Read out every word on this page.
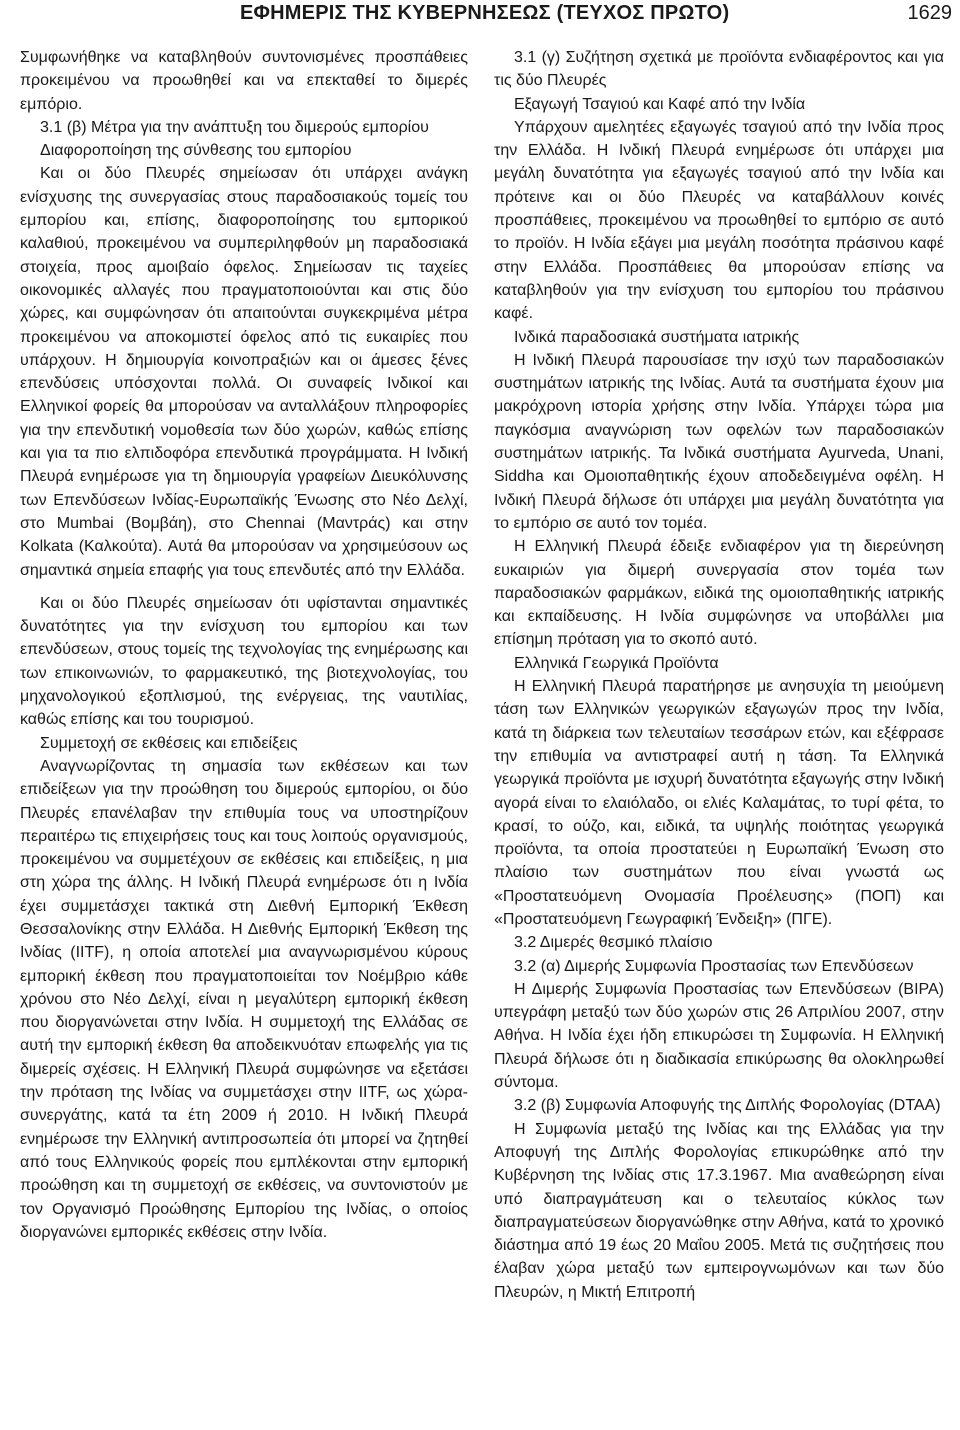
ΕΦΗΜΕΡΙΣ ΤΗΣ ΚΥΒΕΡΝΗΣΕΩΣ (ΤΕΥΧΟΣ ΠΡΩΤΟ)	1629

Συμφωνήθηκε να καταβληθούν συντονισμένες προσπάθειες προκειμένου να προωθηθεί και να επεκταθεί το διμερές εμπόριο.

3.1 (β) Μέτρα για την ανάπτυξη του διμερούς εμπορίου

Διαφοροποίηση της σύνθεσης του εμπορίου

Και οι δύο Πλευρές σημείωσαν ότι υπάρχει ανάγκη ενίσχυσης της συνεργασίας στους παραδοσιακούς τομείς του εμπορίου και, επίσης, διαφοροποίησης του εμπορικού καλαθιού, προκειμένου να συμπεριληφθούν μη παραδοσιακά στοιχεία, προς αμοιβαίο όφελος. Σημείωσαν τις ταχείες οικονομικές αλλαγές που πραγματοποιούνται και στις δύο χώρες, και συμφώνησαν ότι απαιτούνται συγκεκριμένα μέτρα προκειμένου να αποκομιστεί όφελος από τις ευκαιρίες που υπάρχουν. Η δημιουργία κοινοπραξιών και οι άμεσες ξένες επενδύσεις υπόσχονται πολλά. Οι συναφείς Ινδικοί και Ελληνικοί φορείς θα μπορούσαν να ανταλλάξουν πληροφορίες για την επενδυτική νομοθεσία των δύο χωρών, καθώς επίσης και για τα πιο ελπιδοφόρα επενδυτικά προγράμματα. Η Ινδική Πλευρά ενημέρωσε για τη δημιουργία γραφείων Διευκόλυνσης των Επενδύσεων Ινδίας-Ευρωπαϊκής Ένωσης στο Νέο Δελχί, στο Mumbai (Βομβάη), στο Chennai (Μαντράς) και στην Kolkata (Καλκούτα). Αυτά θα μπορούσαν να χρησιμεύσουν ως σημαντικά σημεία επαφής για τους επενδυτές από την Ελλάδα.

Και οι δύο Πλευρές σημείωσαν ότι υφίστανται σημαντικές δυνατότητες για την ενίσχυση του εμπορίου και των επενδύσεων, στους τομείς της τεχνολογίας της ενημέρωσης και των επικοινωνιών, το φαρμακευτικό, της βιοτεχνολογίας, του μηχανολογικού εξοπλισμού, της ενέργειας, της ναυτιλίας, καθώς επίσης και του τουρισμού.

Συμμετοχή σε εκθέσεις και επιδείξεις

Αναγνωρίζοντας τη σημασία των εκθέσεων και των επιδείξεων για την προώθηση του διμερούς εμπορίου, οι δύο Πλευρές επανέλαβαν την επιθυμία τους να υποστηρίζουν περαιτέρω τις επιχειρήσεις τους και τους λοιπούς οργανισμούς, προκειμένου να συμμετέχουν σε εκθέσεις και επιδείξεις, η μια στη χώρα της άλλης. Η Ινδική Πλευρά ενημέρωσε ότι η Ινδία έχει συμμετάσχει τακτικά στη Διεθνή Εμπορική Έκθεση Θεσσαλονίκης στην Ελλάδα. Η Διεθνής Εμπορική Έκθεση της Ινδίας (IITF), η οποία αποτελεί μια αναγνωρισμένου κύρους εμπορική έκθεση που πραγματοποιείται τον Νοέμβριο κάθε χρόνου στο Νέο Δελχί, είναι η μεγαλύτερη εμπορική έκθεση που διοργανώνεται στην Ινδία. Η συμμετοχή της Ελλάδας σε αυτή την εμπορική έκθεση θα αποδεικνυόταν επωφελής για τις διμερείς σχέσεις. Η Ελληνική Πλευρά συμφώνησε να εξετάσει την πρόταση της Ινδίας να συμμετάσχει στην IITF, ως χώρα-συνεργάτης, κατά τα έτη 2009 ή 2010. Η Ινδική Πλευρά ενημέρωσε την Ελληνική αντιπροσωπεία ότι μπορεί να ζητηθεί από τους Ελληνικούς φορείς που εμπλέκονται στην εμπορική προώθηση και τη συμμετοχή σε εκθέσεις, να συντονιστούν με τον Οργανισμό Προώθησης Εμπορίου της Ινδίας, ο οποίος διοργανώνει εμπορικές εκθέσεις στην Ινδία.

3.1 (γ) Συζήτηση σχετικά με προϊόντα ενδιαφέροντος και για τις δύο Πλευρές

Εξαγωγή Τσαγιού και Καφέ από την Ινδία

Υπάρχουν αμελητέες εξαγωγές τσαγιού από την Ινδία προς την Ελλάδα. Η Ινδική Πλευρά ενημέρωσε ότι υπάρχει μια μεγάλη δυνατότητα για εξαγωγές τσαγιού από την Ινδία και πρότεινε και οι δύο Πλευρές να καταβάλλουν κοινές προσπάθειες, προκειμένου να προωθηθεί το εμπόριο σε αυτό το προϊόν. Η Ινδία εξάγει μια μεγάλη ποσότητα πράσινου καφέ στην Ελλάδα. Προσπάθειες θα μπορούσαν επίσης να καταβληθούν για την ενίσχυση του εμπορίου του πράσινου καφέ.

Ινδικά παραδοσιακά συστήματα ιατρικής

Η Ινδική Πλευρά παρουσίασε την ισχύ των παραδοσιακών συστημάτων ιατρικής της Ινδίας. Αυτά τα συστήματα έχουν μια μακρόχρονη ιστορία χρήσης στην Ινδία. Υπάρχει τώρα μια παγκόσμια αναγνώριση των οφελών των παραδοσιακών συστημάτων ιατρικής. Τα Ινδικά συστήματα Ayurveda, Unani, Siddha και Ομοιοπαθητικής έχουν αποδεδειγμένα οφέλη. Η Ινδική Πλευρά δήλωσε ότι υπάρχει μια μεγάλη δυνατότητα για το εμπόριο σε αυτό τον τομέα.

Η Ελληνική Πλευρά έδειξε ενδιαφέρον για τη διερεύνηση ευκαιριών για διμερή συνεργασία στον τομέα των παραδοσιακών φαρμάκων, ειδικά της ομοιοπαθητικής ιατρικής και εκπαίδευσης. Η Ινδία συμφώνησε να υποβάλλει μια επίσημη πρόταση για το σκοπό αυτό.

Ελληνικά Γεωργικά Προϊόντα

Η Ελληνική Πλευρά παρατήρησε με ανησυχία τη μειούμενη τάση των Ελληνικών γεωργικών εξαγωγών προς την Ινδία, κατά τη διάρκεια των τελευταίων τεσσάρων ετών, και εξέφρασε την επιθυμία να αντιστραφεί αυτή η τάση. Τα Ελληνικά γεωργικά προϊόντα με ισχυρή δυνατότητα εξαγωγής στην Ινδική αγορά είναι το ελαιόλαδο, οι ελιές Καλαμάτας, το τυρί φέτα, το κρασί, το ούζο, και, ειδικά, τα υψηλής ποιότητας γεωργικά προϊόντα, τα οποία προστατεύει η Ευρωπαϊκή Ένωση στο πλαίσιο των συστημάτων που είναι γνωστά ως «Προστατευόμενη Ονομασία Προέλευσης» (ΠΟΠ) και «Προστατευόμενη Γεωγραφική Ένδειξη» (ΠΓΕ).

3.2 Διμερές θεσμικό πλαίσιο

3.2 (α) Διμερής Συμφωνία Προστασίας των Επενδύσεων

Η Διμερής Συμφωνία Προστασίας των Επενδύσεων (BIPA) υπεγράφη μεταξύ των δύο χωρών στις 26 Απριλίου 2007, στην Αθήνα. Η Ινδία έχει ήδη επικυρώσει τη Συμφωνία. Η Ελληνική Πλευρά δήλωσε ότι η διαδικασία επικύρωσης θα ολοκληρωθεί σύντομα.

3.2 (β) Συμφωνία Αποφυγής της Διπλής Φορολογίας (DTAA)

Η Συμφωνία μεταξύ της Ινδίας και της Ελλάδας για την Αποφυγή της Διπλής Φορολογίας επικυρώθηκε από την Κυβέρνηση της Ινδίας στις 17.3.1967. Μια αναθεώρηση είναι υπό διαπραγμάτευση και ο τελευταίος κύκλος των διαπραγματεύσεων διοργανώθηκε στην Αθήνα, κατά το χρονικό διάστημα από 19 έως 20 Μαΐου 2005. Μετά τις συζητήσεις που έλαβαν χώρα μεταξύ των εμπειρογνωμόνων και των δύο Πλευρών, η Μικτή Επιτροπή
